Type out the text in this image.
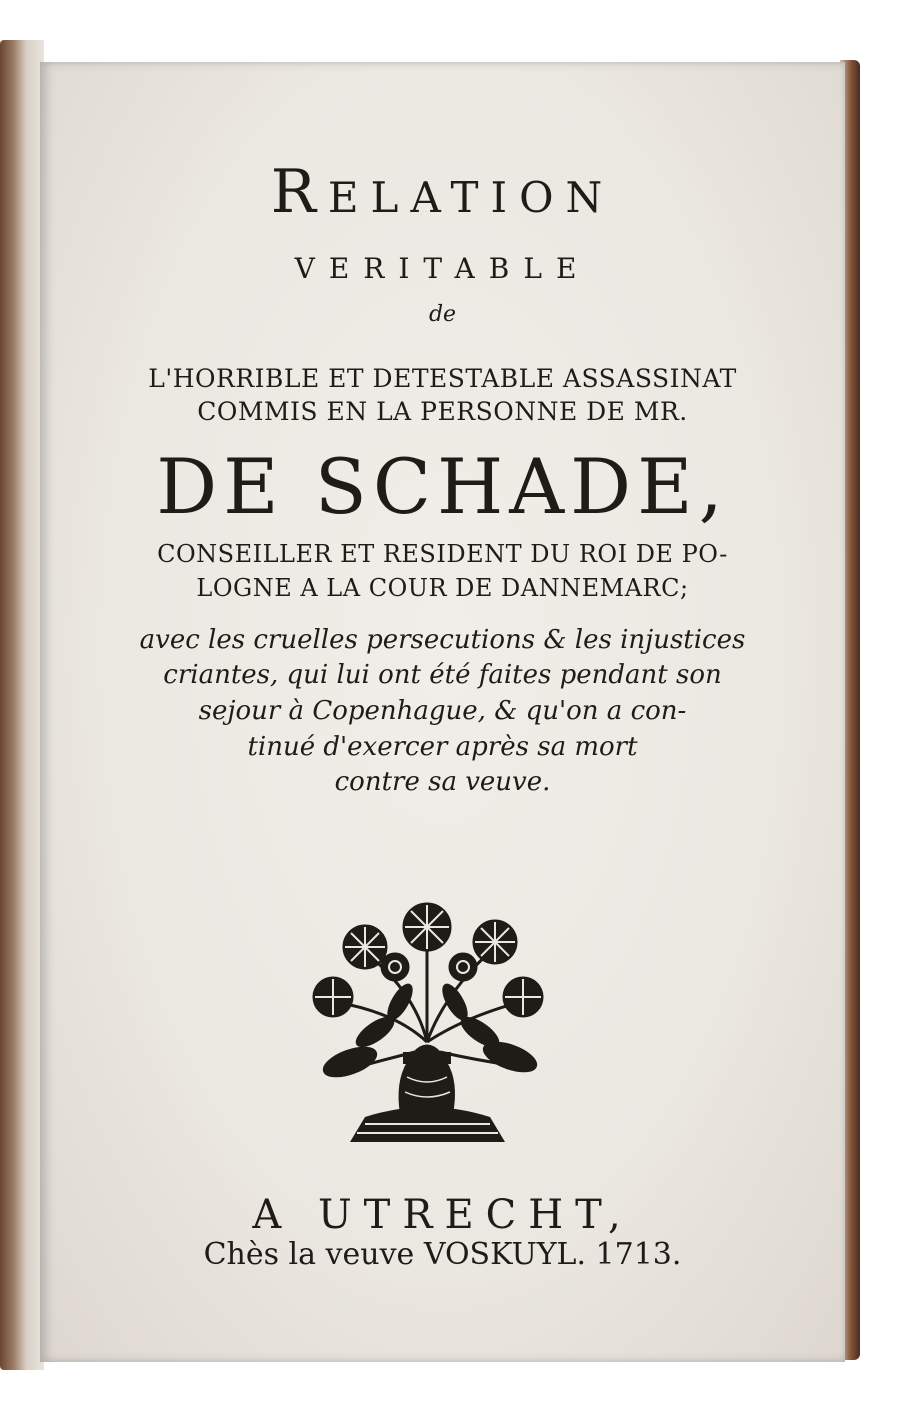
Relation
veritable
de
L'HORRIBLE ET DETESTABLE ASSASSINAT
COMMIS EN LA PERSONNE DE MR.
DE SCHADE,
CONSEILLER ET RESIDENT DU ROI DE PO-
LOGNE A LA COUR DE DANNEMARC;
avec les cruelles persecutions & les injustices
criantes, qui lui ont été faites pendant son
sejour à Copenhague, & qu'on a con-
tinué d'exercer après sa mort
contre sa veuve.
A UTRECHT,
Chès la veuve VOSKUYL. 1713.
